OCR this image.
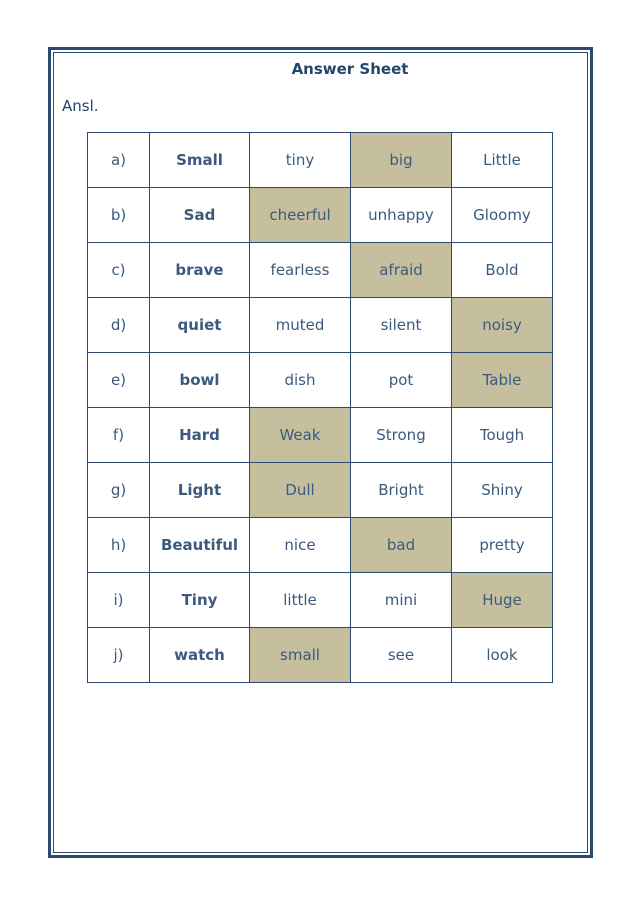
Answer Sheet
Ansl.
a)	Small	tiny	big	Little
b)	Sad	cheerful	unhappy	Gloomy
c)	brave	fearless	afraid	Bold
d)	quiet	muted	silent	noisy
e)	bowl	dish	pot	Table
f)	Hard	Weak	Strong	Tough
g)	Light	Dull	Bright	Shiny
h)	Beautiful	nice	bad	pretty
i)	Tiny	little	mini	Huge
j)	watch	small	see	look
